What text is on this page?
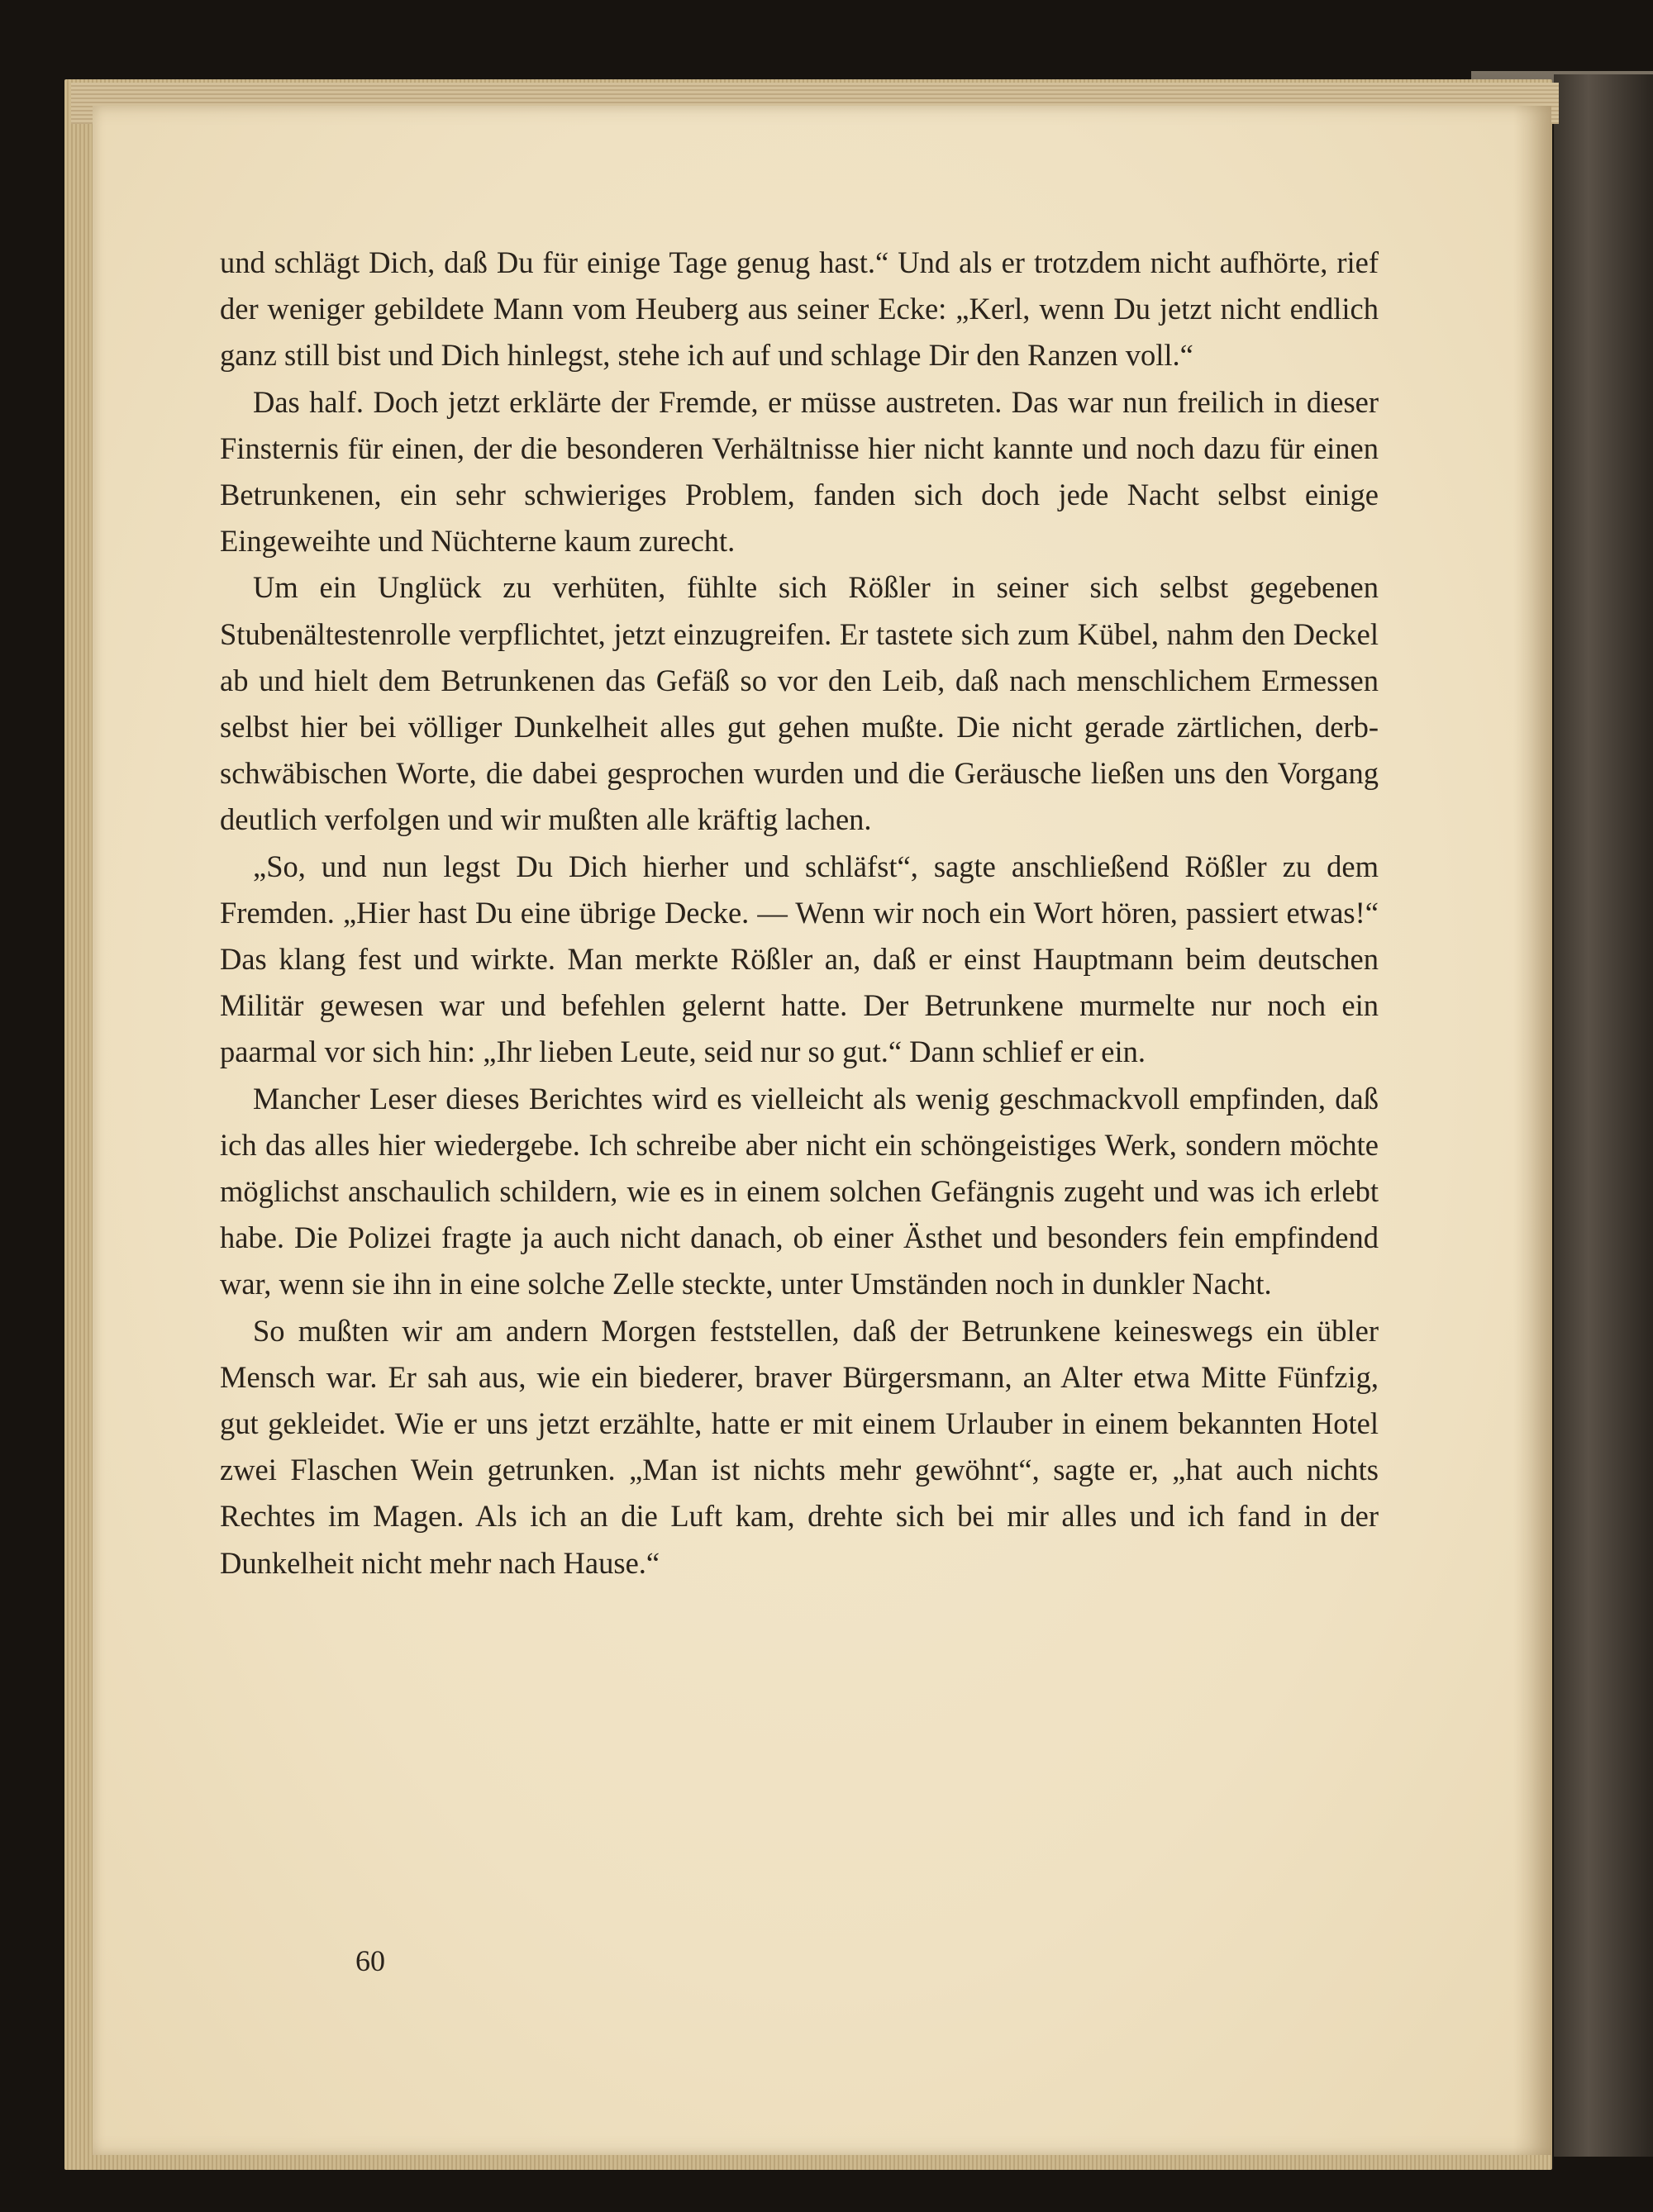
und schlägt Dich, daß Du für einige Tage genug hast.“ Und als er trotzdem nicht aufhörte, rief der weniger gebildete Mann vom Heuberg aus seiner Ecke: „Kerl, wenn Du jetzt nicht endlich ganz still bist und Dich hinlegst, stehe ich auf und schlage Dir den Ranzen voll.“

Das half. Doch jetzt erklärte der Fremde, er müsse austreten. Das war nun freilich in dieser Finsternis für einen, der die besonderen Verhältnisse hier nicht kannte und noch dazu für einen Betrunkenen, ein sehr schwieriges Problem, fanden sich doch jede Nacht selbst einige Eingeweihte und Nüchterne kaum zurecht.

Um ein Unglück zu verhüten, fühlte sich Rößler in seiner sich selbst gegebenen Stubenältestenrolle verpflichtet, jetzt einzugreifen. Er tastete sich zum Kübel, nahm den Deckel ab und hielt dem Betrunkenen das Gefäß so vor den Leib, daß nach menschlichem Ermessen selbst hier bei völliger Dunkelheit alles gut gehen mußte. Die nicht gerade zärtlichen, derb-schwäbischen Worte, die dabei gesprochen wurden und die Geräusche ließen uns den Vorgang deutlich verfolgen und wir mußten alle kräftig lachen.

„So, und nun legst Du Dich hierher und schläfst“, sagte anschließend Rößler zu dem Fremden. „Hier hast Du eine übrige Decke. — Wenn wir noch ein Wort hören, passiert etwas!“ Das klang fest und wirkte. Man merkte Rößler an, daß er einst Hauptmann beim deutschen Militär gewesen war und befehlen gelernt hatte. Der Betrunkene murmelte nur noch ein paarmal vor sich hin: „Ihr lieben Leute, seid nur so gut.“ Dann schlief er ein.

Mancher Leser dieses Berichtes wird es vielleicht als wenig geschmackvoll empfinden, daß ich das alles hier wiedergebe. Ich schreibe aber nicht ein schöngeistiges Werk, sondern möchte möglichst anschaulich schildern, wie es in einem solchen Gefängnis zugeht und was ich erlebt habe. Die Polizei fragte ja auch nicht danach, ob einer Ästhet und besonders fein empfindend war, wenn sie ihn in eine solche Zelle steckte, unter Umständen noch in dunkler Nacht.

So mußten wir am andern Morgen feststellen, daß der Betrunkene keineswegs ein übler Mensch war. Er sah aus, wie ein biederer, braver Bürgersmann, an Alter etwa Mitte Fünfzig, gut gekleidet. Wie er uns jetzt erzählte, hatte er mit einem Urlauber in einem bekannten Hotel zwei Flaschen Wein getrunken. „Man ist nichts mehr gewöhnt“, sagte er, „hat auch nichts Rechtes im Magen. Als ich an die Luft kam, drehte sich bei mir alles und ich fand in der Dunkelheit nicht mehr nach Hause.“

60
